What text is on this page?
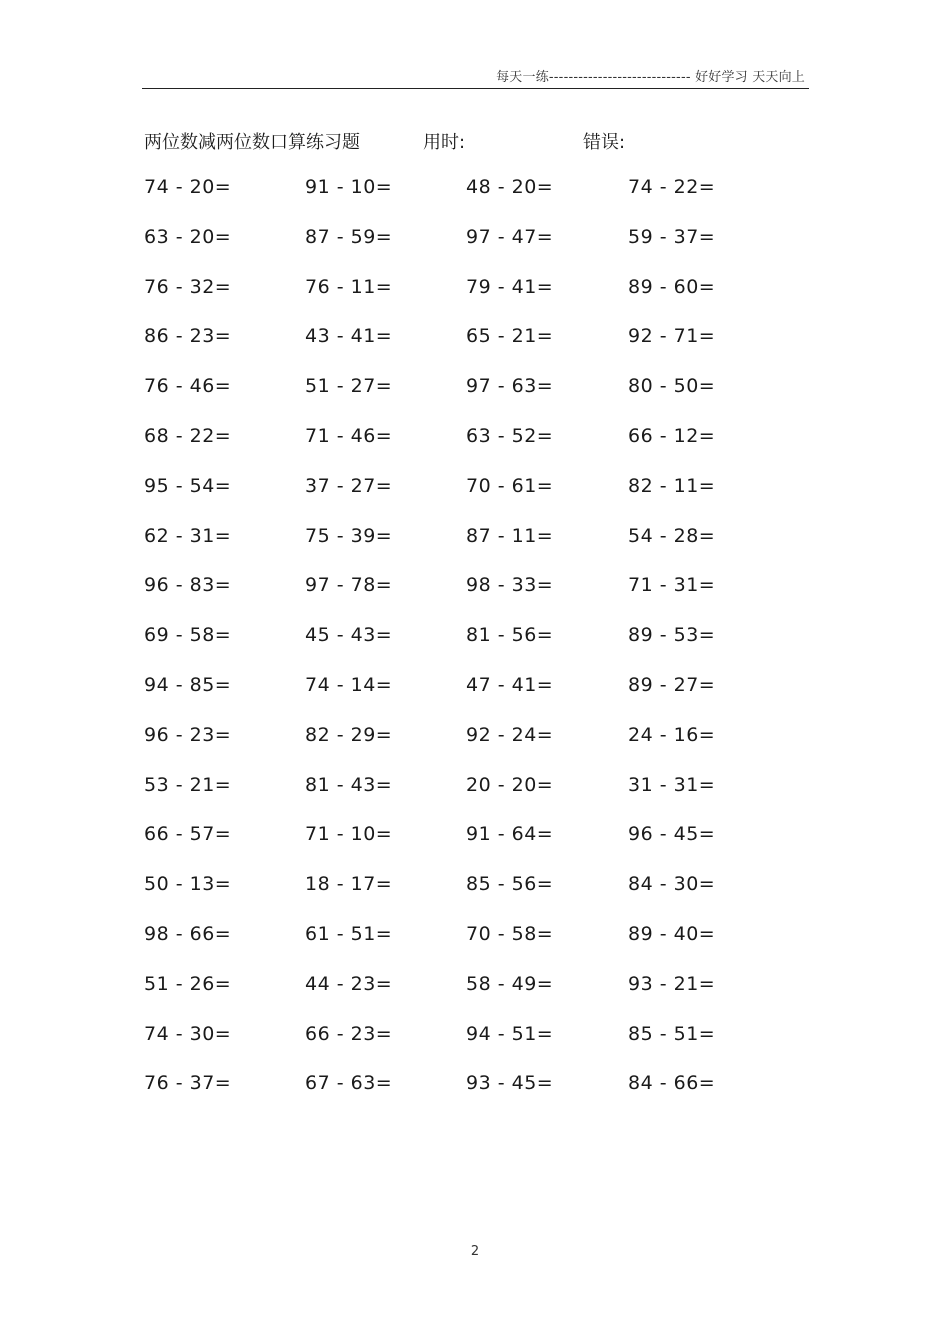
每天一练----------------------------- 好好学习 天天向上
两位数减两位数口算练习题	用时:	错误:
74 - 20=	91 - 10=	48 - 20=	74 - 22=
63 - 20=	87 - 59=	97 - 47=	59 - 37=
76 - 32=	76 - 11=	79 - 41=	89 - 60=
86 - 23=	43 - 41=	65 - 21=	92 - 71=
76 - 46=	51 - 27=	97 - 63=	80 - 50=
68 - 22=	71 - 46=	63 - 52=	66 - 12=
95 - 54=	37 - 27=	70 - 61=	82 - 11=
62 - 31=	75 - 39=	87 - 11=	54 - 28=
96 - 83=	97 - 78=	98 - 33=	71 - 31=
69 - 58=	45 - 43=	81 - 56=	89 - 53=
94 - 85=	74 - 14=	47 - 41=	89 - 27=
96 - 23=	82 - 29=	92 - 24=	24 - 16=
53 - 21=	81 - 43=	20 - 20=	31 - 31=
66 - 57=	71 - 10=	91 - 64=	96 - 45=
50 - 13=	18 - 17=	85 - 56=	84 - 30=
98 - 66=	61 - 51=	70 - 58=	89 - 40=
51 - 26=	44 - 23=	58 - 49=	93 - 21=
74 - 30=	66 - 23=	94 - 51=	85 - 51=
76 - 37=	67 - 63=	93 - 45=	84 - 66=
2
